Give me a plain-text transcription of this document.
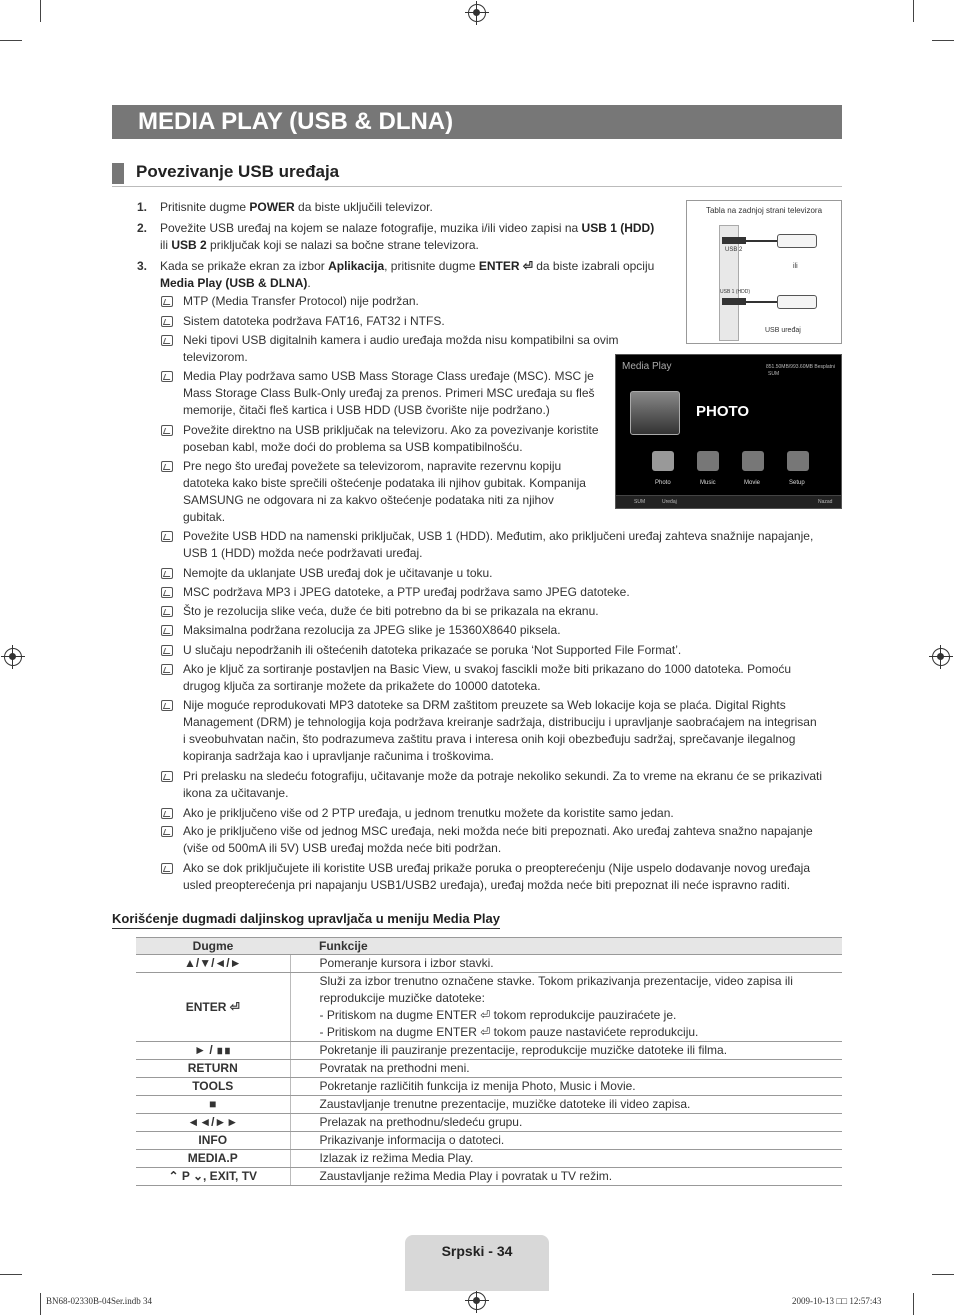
MEDIA PLAY (USB & DLNA)
Povezivanje USB uređaja
1. Pritisnite dugme POWER da biste uključili televizor.
2. Povežite USB uređaj na kojem se nalaze fotografije, muzika i/ili video zapisi na USB 1 (HDD)
ili USB 2 priključak koji se nalazi sa bočne strane televizora.
3. Kada se prikaže ekran za izbor Aplikacija, pritisnite dugme ENTER ⏎ da biste izabrali opciju
Media Play (USB & DLNA).
MTP (Media Transfer Protocol) nije podržan.
Sistem datoteka podržava FAT16, FAT32 i NTFS.
Neki tipovi USB digitalnih kamera i audio uređaja možda nisu kompatibilni sa ovim
televizorom.
Media Play podržava samo USB Mass Storage Class uređaje (MSC). MSC je
Mass Storage Class Bulk-Only uređaj za prenos. Primeri MSC uređaja su fleš
memorije, čitači fleš kartica i USB HDD (USB čvorište nije podržano.)
Povežite direktno na USB priključak na televizoru. Ako za povezivanje koristite
poseban kabl, može doći do problema sa USB kompatibilnošću.
Pre nego što uređaj povežete sa televizorom, napravite rezervnu kopiju
datoteka kako biste sprečili oštećenje podataka ili njihov gubitak. Kompanija
SAMSUNG ne odgovara ni za kakvo oštećenje podataka niti za njihov
gubitak.
Povežite USB HDD na namenski priključak, USB 1 (HDD). Međutim, ako priključeni uređaj zahteva snažnije napajanje,
USB 1 (HDD) možda neće podržavati uređaj.
Nemojte da uklanjate USB uređaj dok je učitavanje u toku.
MSC podržava MP3 i JPEG datoteke, a PTP uređaj podržava samo JPEG datoteke.
Što je rezolucija slike veća, duže će biti potrebno da bi se prikazala na ekranu.
Maksimalna podržana rezolucija za JPEG slike je 15360X8640 piksela.
U slučaju nepodržanih ili oštećenih datoteka prikazaće se poruka ‘Not Supported File Format’.
Ako je ključ za sortiranje postavljen na Basic View, u svakoj fascikli može biti prikazano do 1000 datoteka. Pomoću
drugog ključa za sortiranje možete da prikažete do 10000 datoteka.
Nije moguće reprodukovati MP3 datoteke sa DRM zaštitom preuzete sa Web lokacije koja se plaća. Digital Rights
Management (DRM) je tehnologija koja podržava kreiranje sadržaja, distribuciju i upravljanje saobraćajem na integrisan
i sveobuhvatan način, što podrazumeva zaštitu prava i interesa onih koji obezbeđuju sadržaj, sprečavanje ilegalnog
kopiranja sadržaja kao i upravljanje računima i troškovima.
Pri prelasku na sledeću fotografiju, učitavanje može da potraje nekoliko sekundi. Za to vreme na ekranu će se prikazivati
ikona za učitavanje.
Ako je priključeno više od 2 PTP uređaja, u jednom trenutku možete da koristite samo jedan.
Ako je priključeno više od jednog MSC uređaja, neki možda neće biti prepoznati. Ako uređaj zahteva snažno napajanje
(više od 500mA ili 5V) USB uređaj možda neće biti podržan.
Ako se dok priključujete ili koristite USB uređaj prikaže poruka o preopterećenju (Nije uspelo dodavanje novog uređaja
usled preopterećenja pri napajanju USB1/USB2 uređaja), uređaj možda neće biti prepoznat ili neće ispravno raditi.
Tabla na zadnjoj strani televizora
USB 2
ili
USB 1 (HDD)
USB uređaj
Media Play	851.50MB/993.60MB Besplatni
SUM
PHOTO
Photo	Music	Movie	Setup
SUM	Uređaj	Nazad
Korišćenje dugmadi daljinskog upravljača u meniju Media Play
Dugme	Funkcije
▲/▼/◄/►	Pomeranje kursora i izbor stavki.

ENTER ⏎	Služi za izbor trenutno označene stavke. Tokom prikazivanja prezentacije, video zapisa ili
reprodukcije muzičke datoteke:
- Pritiskom na dugme ENTER ⏎ tokom reprodukcije pauziraćete je.
- Pritiskom na dugme ENTER ⏎ tokom pauze nastavićete reprodukciju.

► / ∎∎	Pokretanje ili pauziranje prezentacije, reprodukcije muzičke datoteke ili filma.

RETURN	Povratak na prethodni meni.

TOOLS	Pokretanje različitih funkcija iz menija Photo, Music i Movie.

■	Zaustavljanje trenutne prezentacije, muzičke datoteke ili video zapisa.

◄◄/►►	Prelazak na prethodnu/sledeću grupu.

INFO	Prikazivanje informacija o datoteci.

MEDIA.P	Izlazak iz režima Media Play.

⌃ P ⌄, EXIT, TV	Zaustavljanje režima Media Play i povratak u TV režim.
Srpski - 34
BN68-02330B-04Ser.indb 34	2009-10-13 □□ 12:57:43
